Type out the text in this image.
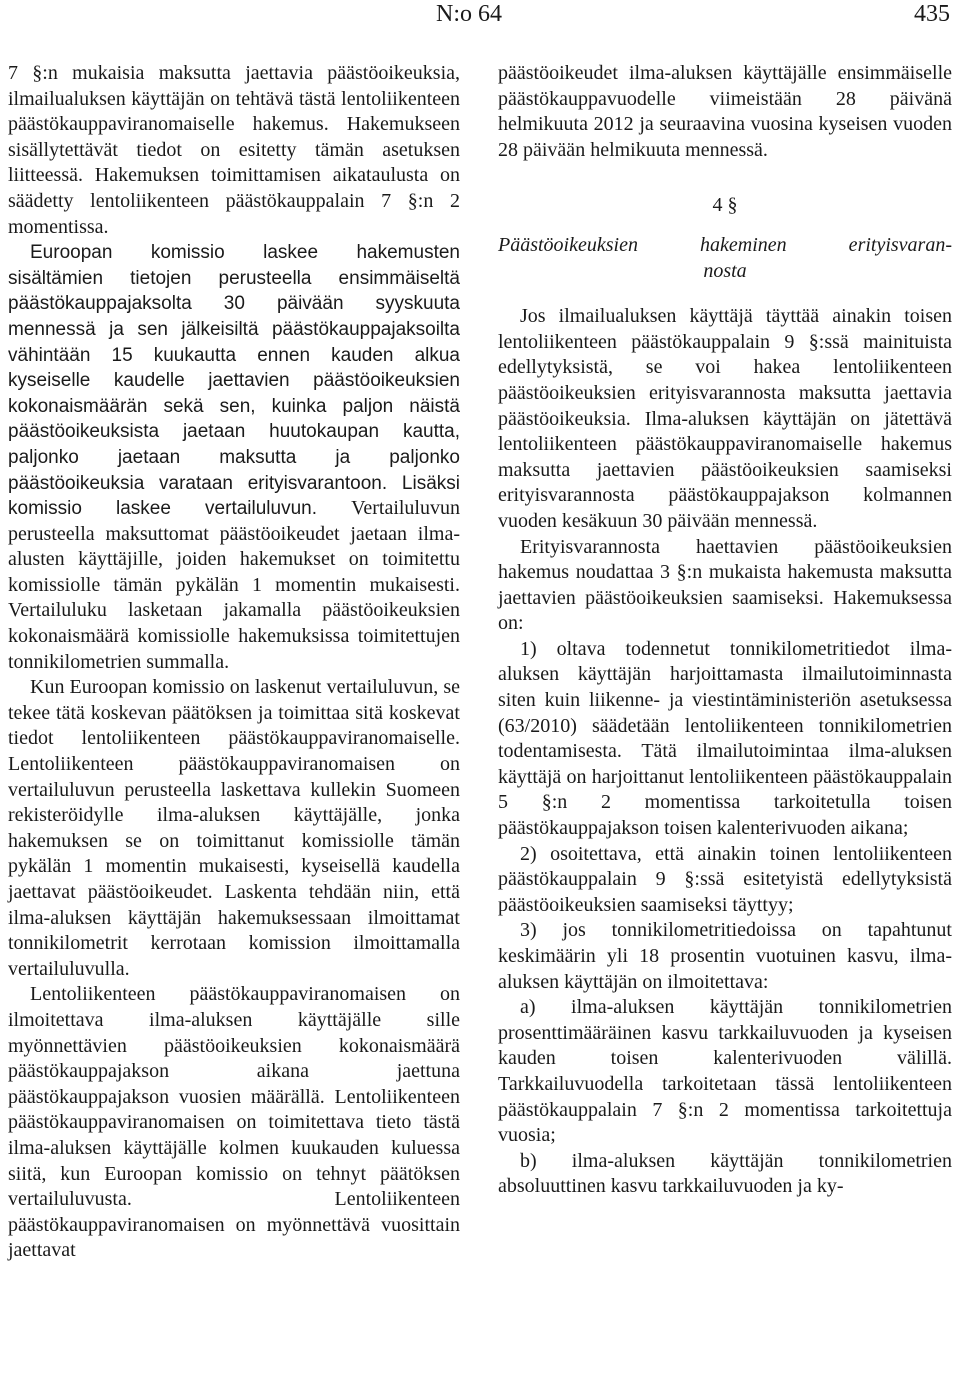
N:o 64	435

7 §:n mukaisia maksutta jaettavia päästöoikeuksia, ilmailualuksen käyttäjän on tehtävä tästä lentoliikenteen päästökauppaviranomaiselle hakemus. Hakemukseen sisällytettävät tiedot on esitetty tämän asetuksen liitteessä. Hakemuksen toimittamisen aikataulusta on säädetty lentoliikenteen päästökauppalain 7 §:n 2 momentissa.

Euroopan komissio laskee hakemusten sisältämien tietojen perusteella ensimmäiseltä päästökauppajaksolta 30 päivään syyskuuta mennessä ja sen jälkeisiltä päästökauppajaksoilta vähintään 15 kuukautta ennen kauden alkua kyseiselle kaudelle jaettavien päästöoikeuksien kokonaismäärän sekä sen, kuinka paljon näistä päästöoikeuksista jaetaan huutokaupan kautta, paljonko jaetaan maksutta ja paljonko päästöoikeuksia varataan erityisvarantoon. Lisäksi komissio laskee vertailuluvun. Vertailuluvun perusteella maksuttomat päästöoikeudet jaetaan ilma-alusten käyttäjille, joiden hakemukset on toimitettu komissiolle tämän pykälän 1 momentin mukaisesti. Vertailuluku lasketaan jakamalla päästöoikeuksien kokonaismäärä komissiolle hakemuksissa toimitettujen tonnikilometrien summalla.

Kun Euroopan komissio on laskenut vertailuluvun, se tekee tätä koskevan päätöksen ja toimittaa sitä koskevat tiedot lentoliikenteen päästökauppaviranomaiselle. Lentoliikenteen päästökauppaviranomaisen on vertailuluvun perusteella laskettava kullekin Suomeen rekisteröidylle ilma-aluksen käyttäjälle, jonka hakemuksen se on toimittanut komissiolle tämän pykälän 1 momentin mukaisesti, kyseisellä kaudella jaettavat päästöoikeudet. Laskenta tehdään niin, että ilma-aluksen käyttäjän hakemuksessaan ilmoittamat tonnikilometrit kerrotaan komission ilmoittamalla vertailuluvulla.

Lentoliikenteen päästökauppaviranomaisen on ilmoitettava ilma-aluksen käyttäjälle sille myönnettävien päästöoikeuksien kokonaismäärä päästökauppajakson aikana jaettuna päästökauppajakson vuosien määrällä. Lentoliikenteen päästökauppaviranomaisen on toimitettava tieto tästä ilma-aluksen käyttäjälle kolmen kuukauden kuluessa siitä, kun Euroopan komissio on tehnyt päätöksen vertailuluvusta. Lentoliikenteen päästökauppaviranomaisen on myönnettävä vuosittain jaettavat

päästöoikeudet ilma-aluksen käyttäjälle ensimmäiselle päästökauppavuodelle viimeistään 28 päivänä helmikuuta 2012 ja seuraavina vuosina kyseisen vuoden 28 päivään helmikuuta mennessä.

4 §
Päästöoikeuksien hakeminen erityisvaran-
nosta

Jos ilmailualuksen käyttäjä täyttää ainakin toisen lentoliikenteen päästökauppalain 9 §:ssä mainituista edellytyksistä, se voi hakea lentoliikenteen päästöoikeuksien erityisvarannosta maksutta jaettavia päästöoikeuksia. Ilma-aluksen käyttäjän on jätettävä lentoliikenteen päästökauppaviranomaiselle hakemus maksutta jaettavien päästöoikeuksien saamiseksi erityisvarannosta päästökauppajakson kolmannen vuoden kesäkuun 30 päivään mennessä.

Erityisvarannosta haettavien päästöoikeuksien hakemus noudattaa 3 §:n mukaista hakemusta maksutta jaettavien päästöoikeuksien saamiseksi. Hakemuksessa on:

1) oltava todennetut tonnikilometritiedot ilma-aluksen käyttäjän harjoittamasta ilmailutoiminnasta siten kuin liikenne- ja viestintäministeriön asetuksessa (63/2010) säädetään lentoliikenteen tonnikilometrien todentamisesta. Tätä ilmailutoimintaa ilma-aluksen käyttäjä on harjoittanut lentoliikenteen päästökauppalain 5 §:n 2 momentissa tarkoitetulla toisen päästökauppajakson toisen kalenterivuoden aikana;

2) osoitettava, että ainakin toinen lentoliikenteen päästökauppalain 9 §:ssä esitetyistä edellytyksistä päästöoikeuksien saamiseksi täyttyy;

3) jos tonnikilometritiedoissa on tapahtunut keskimäärin yli 18 prosentin vuotuinen kasvu, ilma-aluksen käyttäjän on ilmoitettava:

a) ilma-aluksen käyttäjän tonnikilometrien prosenttimääräinen kasvu tarkkailuvuoden ja kyseisen kauden toisen kalenterivuoden välillä. Tarkkailuvuodella tarkoitetaan tässä lentoliikenteen päästökauppalain 7 §:n 2 momentissa tarkoitettuja vuosia;

b) ilma-aluksen käyttäjän tonnikilometrien absoluuttinen kasvu tarkkailuvuoden ja ky-
